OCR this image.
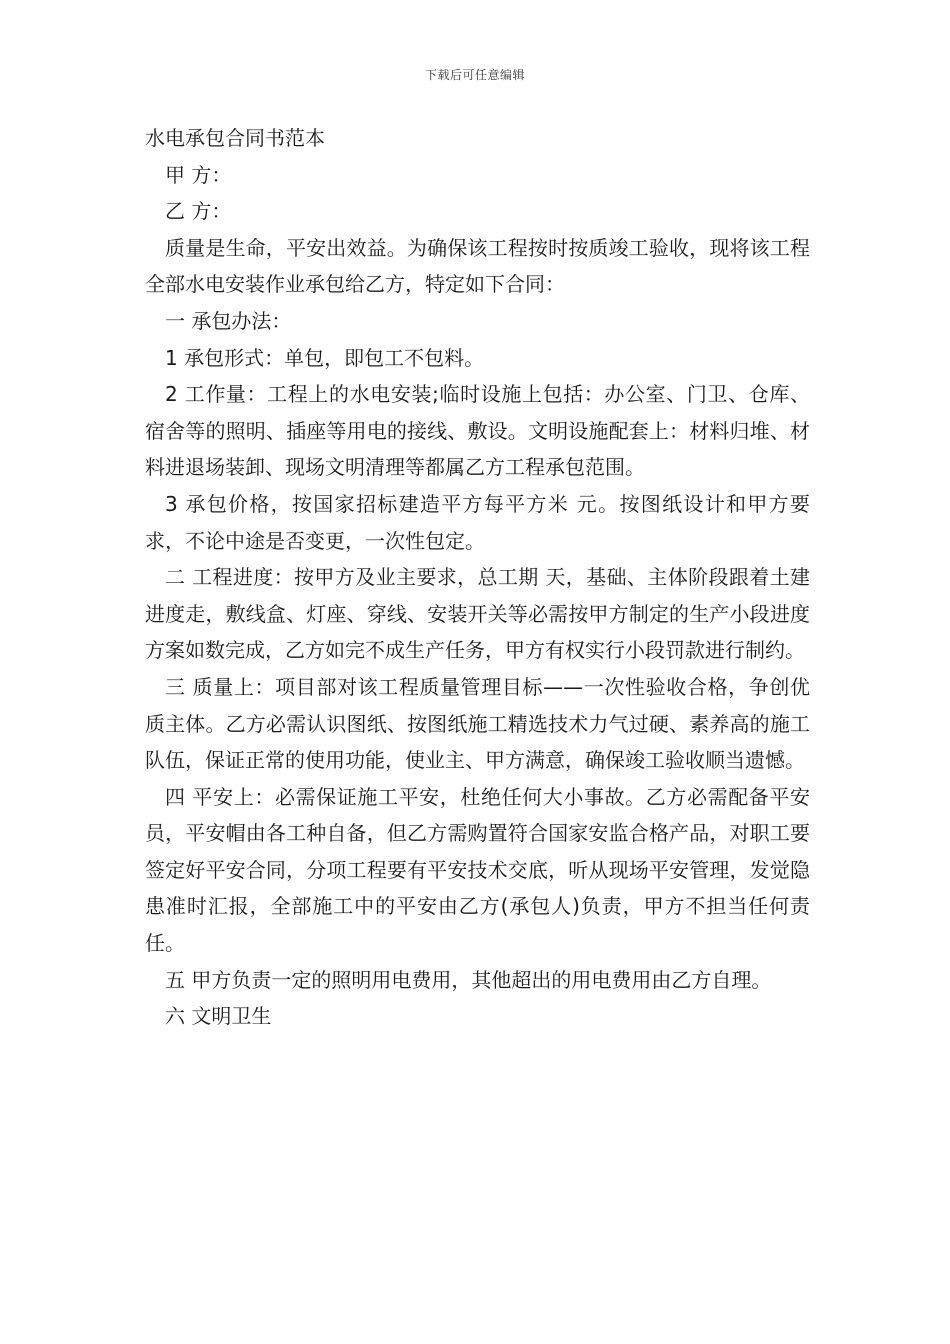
下载后可任意编辑

水电承包合同书范本

甲 方：

乙 方：

质量是生命，平安出效益。为确保该工程按时按质竣工验收，现将该工程全部水电安装作业承包给乙方，特定如下合同：

一 承包办法：

1 承包形式：单包，即包工不包料。

2 工作量：工程上的水电安装;临时设施上包括：办公室、门卫、仓库、宿舍等的照明、插座等用电的接线、敷设。文明设施配套上：材料归堆、材料进退场装卸、现场文明清理等都属乙方工程承包范围。

3 承包价格，按国家招标建造平方每平方米 元。按图纸设计和甲方要求，不论中途是否变更，一次性包定。

二 工程进度：按甲方及业主要求，总工期 天，基础、主体阶段跟着土建进度走，敷线盒、灯座、穿线、安装开关等必需按甲方制定的生产小段进度方案如数完成，乙方如完不成生产任务，甲方有权实行小段罚款进行制约。

三 质量上：项目部对该工程质量管理目标——一次性验收合格，争创优质主体。乙方必需认识图纸、按图纸施工精选技术力气过硬、素养高的施工队伍，保证正常的使用功能，使业主、甲方满意，确保竣工验收顺当遗憾。

四 平安上：必需保证施工平安，杜绝任何大小事故。乙方必需配备平安员，平安帽由各工种自备，但乙方需购置符合国家安监合格产品，对职工要签定好平安合同，分项工程要有平安技术交底，听从现场平安管理，发觉隐患准时汇报，全部施工中的平安由乙方(承包人)负责，甲方不担当任何责任。

五 甲方负责一定的照明用电费用，其他超出的用电费用由乙方自理。

六 文明卫生
